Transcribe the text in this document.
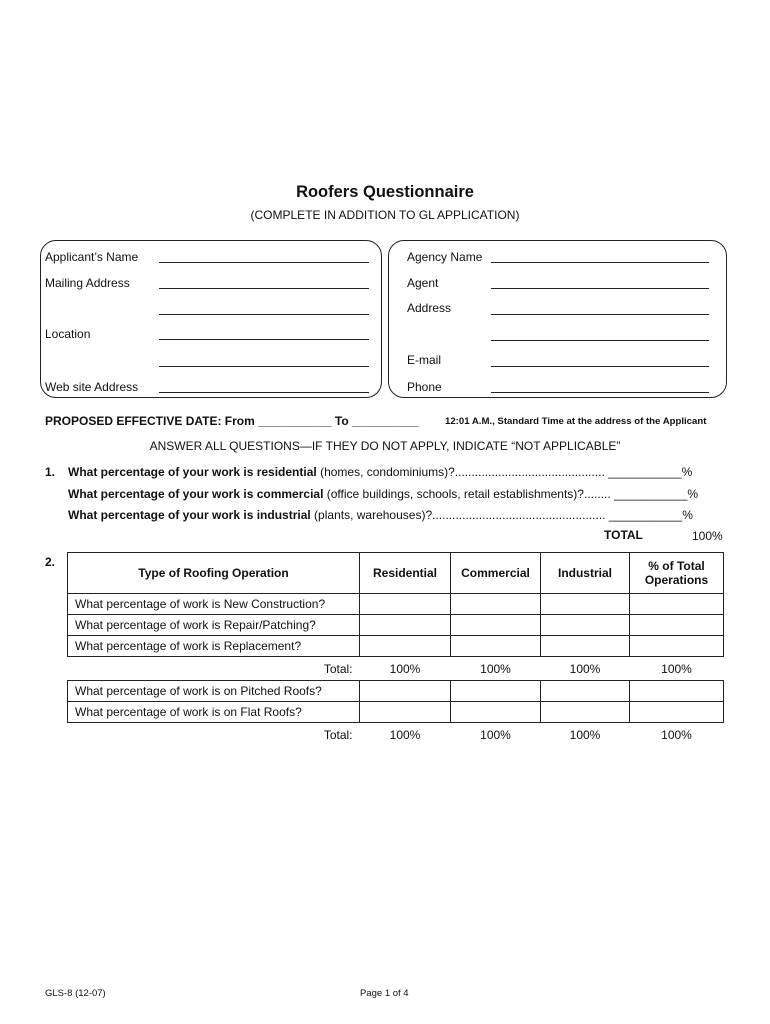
Roofers Questionnaire
(COMPLETE IN ADDITION TO GL APPLICATION)
Applicant’s Name
Mailing Address
Location
Web site Address
Agency Name
Agent
Address
E-mail
Phone
PROPOSED EFFECTIVE DATE: From ___________ To __________	12:01 A.M., Standard Time at the address of the Applicant
ANSWER ALL QUESTIONS—IF THEY DO NOT APPLY, INDICATE “NOT APPLICABLE”
1. What percentage of your work is residential (homes, condominiums)?............................................. ___________%
What percentage of your work is commercial (office buildings, schools, retail establishments)?........ ___________%
What percentage of your work is industrial (plants, warehouses)?.................................................... ___________%
TOTAL	100%
2.
Type of Roofing Operation	Residential	Commercial	Industrial	% of Total Operations
What percentage of work is New Construction?				
What percentage of work is Repair/Patching?				
What percentage of work is Replacement?				
Total:	100%	100%	100%	100%
What percentage of work is on Pitched Roofs?				
What percentage of work is on Flat Roofs?				
Total:	100%	100%	100%	100%
GLS-8 (12-07)	Page 1 of 4
